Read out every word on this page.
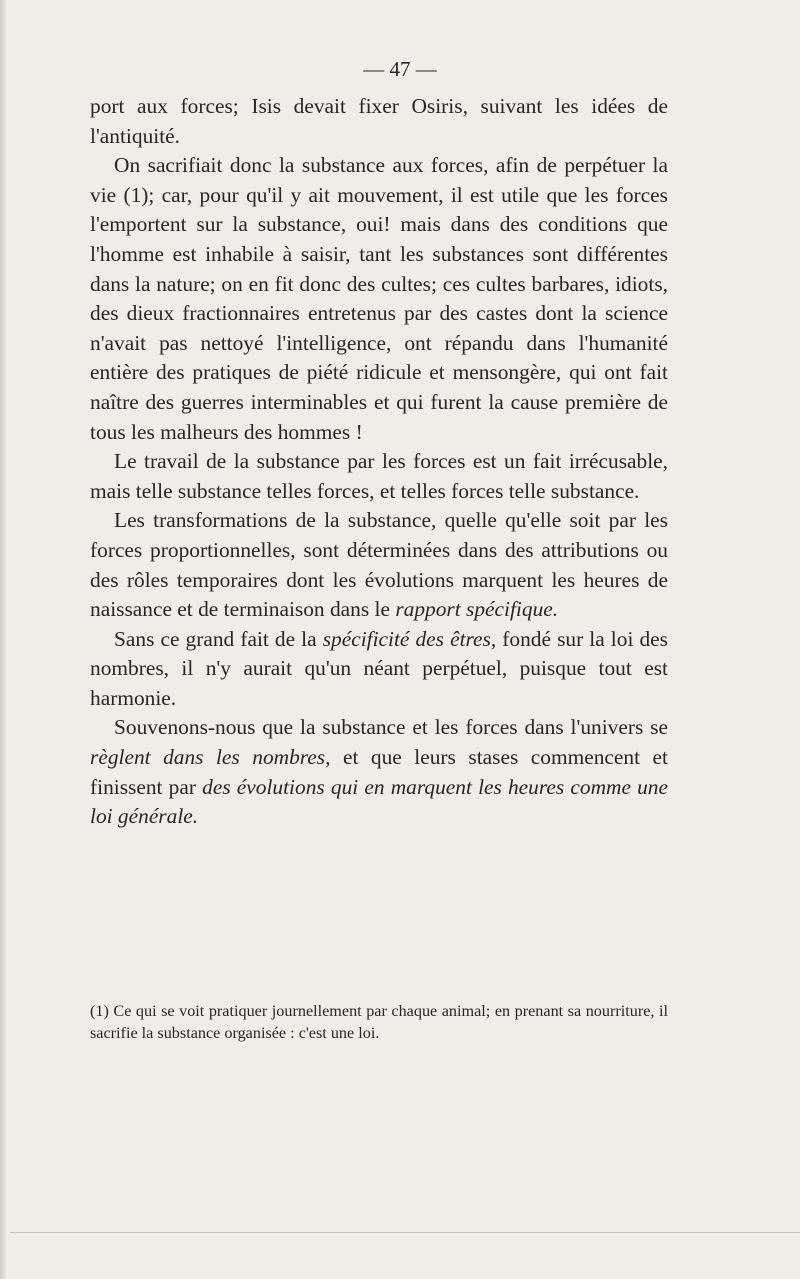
— 47 —

port aux forces; Isis devait fixer Osiris, suivant les idées de l'antiquité.

On sacrifiait donc la substance aux forces, afin de perpétuer la vie (1); car, pour qu'il y ait mouvement, il est utile que les forces l'emportent sur la substance, oui! mais dans des conditions que l'homme est inhabile à saisir, tant les substances sont différentes dans la nature; on en fit donc des cultes; ces cultes barbares, idiots, des dieux fractionnaires entretenus par des castes dont la science n'avait pas nettoyé l'intelligence, ont répandu dans l'humanité entière des pratiques de piété ridicule et mensongère, qui ont fait naître des guerres interminables et qui furent la cause première de tous les malheurs des hommes !

Le travail de la substance par les forces est un fait irrécusable, mais telle substance telles forces, et telles forces telle substance.

Les transformations de la substance, quelle qu'elle soit par les forces proportionnelles, sont déterminées dans des attributions ou des rôles temporaires dont les évolutions marquent les heures de naissance et de terminaison dans le rapport spécifique.

Sans ce grand fait de la spécificité des êtres, fondé sur la loi des nombres, il n'y aurait qu'un néant perpétuel, puisque tout est harmonie.

Souvenons-nous que la substance et les forces dans l'univers se règlent dans les nombres, et que leurs stases commencent et finissent par des évolutions qui en marquent les heures comme une loi générale.

(1) Ce qui se voit pratiquer journellement par chaque animal; en prenant sa nourriture, il sacrifie la substance organisée : c'est une loi.
